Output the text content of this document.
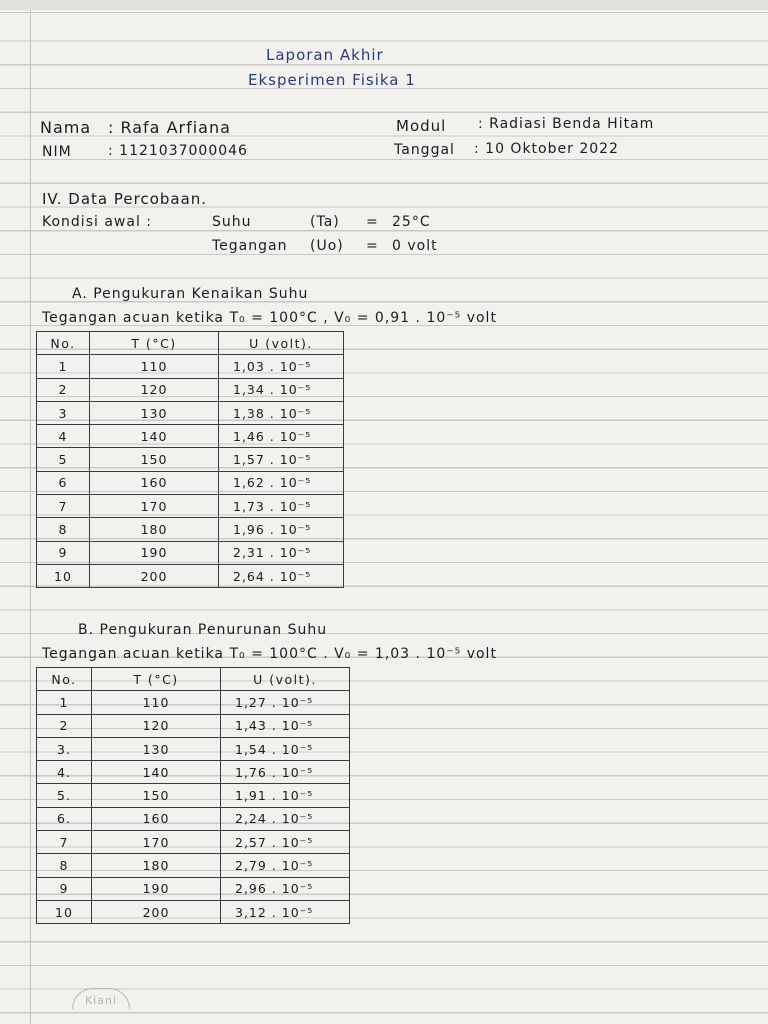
Laporan Akhir
Eksperimen Fisika 1
Nama : Rafa Arfiana
NIM	: 1121037000046
Modul : Radiasi Benda Hitam
Tanggal : 10 Oktober 2022
IV. Data Percobaan.
Kondisi awal :	Suhu	(Ta) = 25°C
Tegangan (Uo) = 0 volt
A. Pengukuran Kenaikan Suhu
Tegangan acuan ketika T₀ = 100°C , V₀ = 0,91 . 10⁻⁵ volt
No.	T (°C)	U (volt).
1	110	1,03 . 10⁻⁵
2	120	1,34 . 10⁻⁵
3	130	1,38 . 10⁻⁵
4	140	1,46 . 10⁻⁵
5	150	1,57 . 10⁻⁵
6	160	1,62 . 10⁻⁵
7	170	1,73 . 10⁻⁵
8	180	1,96 . 10⁻⁵
9	190	2,31 . 10⁻⁵
10	200	2,64 . 10⁻⁵
B. Pengukuran Penurunan Suhu
Tegangan acuan ketika T₀ = 100°C . V₀ = 1,03 . 10⁻⁵ volt
No.	T (°C)	U (volt).
1	110	1,27 . 10⁻⁵
2	120	1,43 . 10⁻⁵
3.	130	1,54 . 10⁻⁵
4.	140	1,76 . 10⁻⁵
5.	150	1,91 . 10⁻⁵
6.	160	2,24 . 10⁻⁵
7	170	2,57 . 10⁻⁵
8	180	2,79 . 10⁻⁵
9	190	2,96 . 10⁻⁵
10	200	3,12 . 10⁻⁵
Kiani
